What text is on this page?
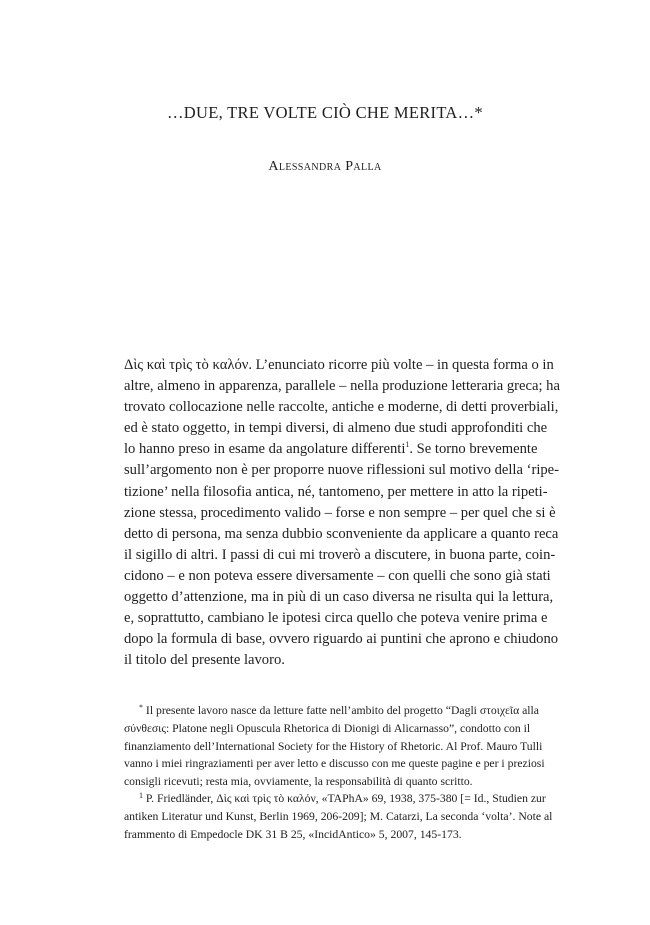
…DUE, TRE VOLTE CIÒ CHE MERITA…*
Alessandra Palla
Δὶς καὶ τρὶς τὸ καλόν. L’enunciato ricorre più volte – in questa forma o in
altre, almeno in apparenza, parallele – nella produzione letteraria greca; ha
trovato collocazione nelle raccolte, antiche e moderne, di detti proverbiali,
ed è stato oggetto, in tempi diversi, di almeno due studi approfonditi che
lo hanno preso in esame da angolature differenti$^1$. Se torno brevemente
sull’argomento non è per proporre nuove riflessioni sul motivo della ‘ripe-
tizione’ nella filosofia antica, né, tantomeno, per mettere in atto la ripeti-
zione stessa, procedimento valido – forse e non sempre – per quel che si è
detto di persona, ma senza dubbio sconveniente da applicare a quanto reca
il sigillo di altri. I passi di cui mi troverò a discutere, in buona parte, coin-
cidono – e non poteva essere diversamente – con quelli che sono già stati
oggetto d’attenzione, ma in più di un caso diversa ne risulta qui la lettura,
e, soprattutto, cambiano le ipotesi circa quello che poteva venire prima e
dopo la formula di base, ovvero riguardo ai puntini che aprono e chiudono
il titolo del presente lavoro.
* Il presente lavoro nasce da letture fatte nell’ambito del progetto “Dagli στοιχεῖα alla
σύνθεσις: Platone negli Opuscula Rhetorica di Dionigi di Alicarnasso”, condotto con il
finanziamento dell’International Society for the History of Rhetoric. Al Prof. Mauro Tulli
vanno i miei ringraziamenti per aver letto e discusso con me queste pagine e per i preziosi
consigli ricevuti; resta mia, ovviamente, la responsabilità di quanto scritto.
$^1$ P. Friedländer, Δὶς καὶ τρὶς τὸ καλόν, «TAPhA» 69, 1938, 375-380 [= Id., Studien zur
antiken Literatur und Kunst, Berlin 1969, 206-209]; M. Catarzi, La seconda ‘volta’. Note al
frammento di Empedocle DK 31 B 25, «IncidAntico» 5, 2007, 145-173.
